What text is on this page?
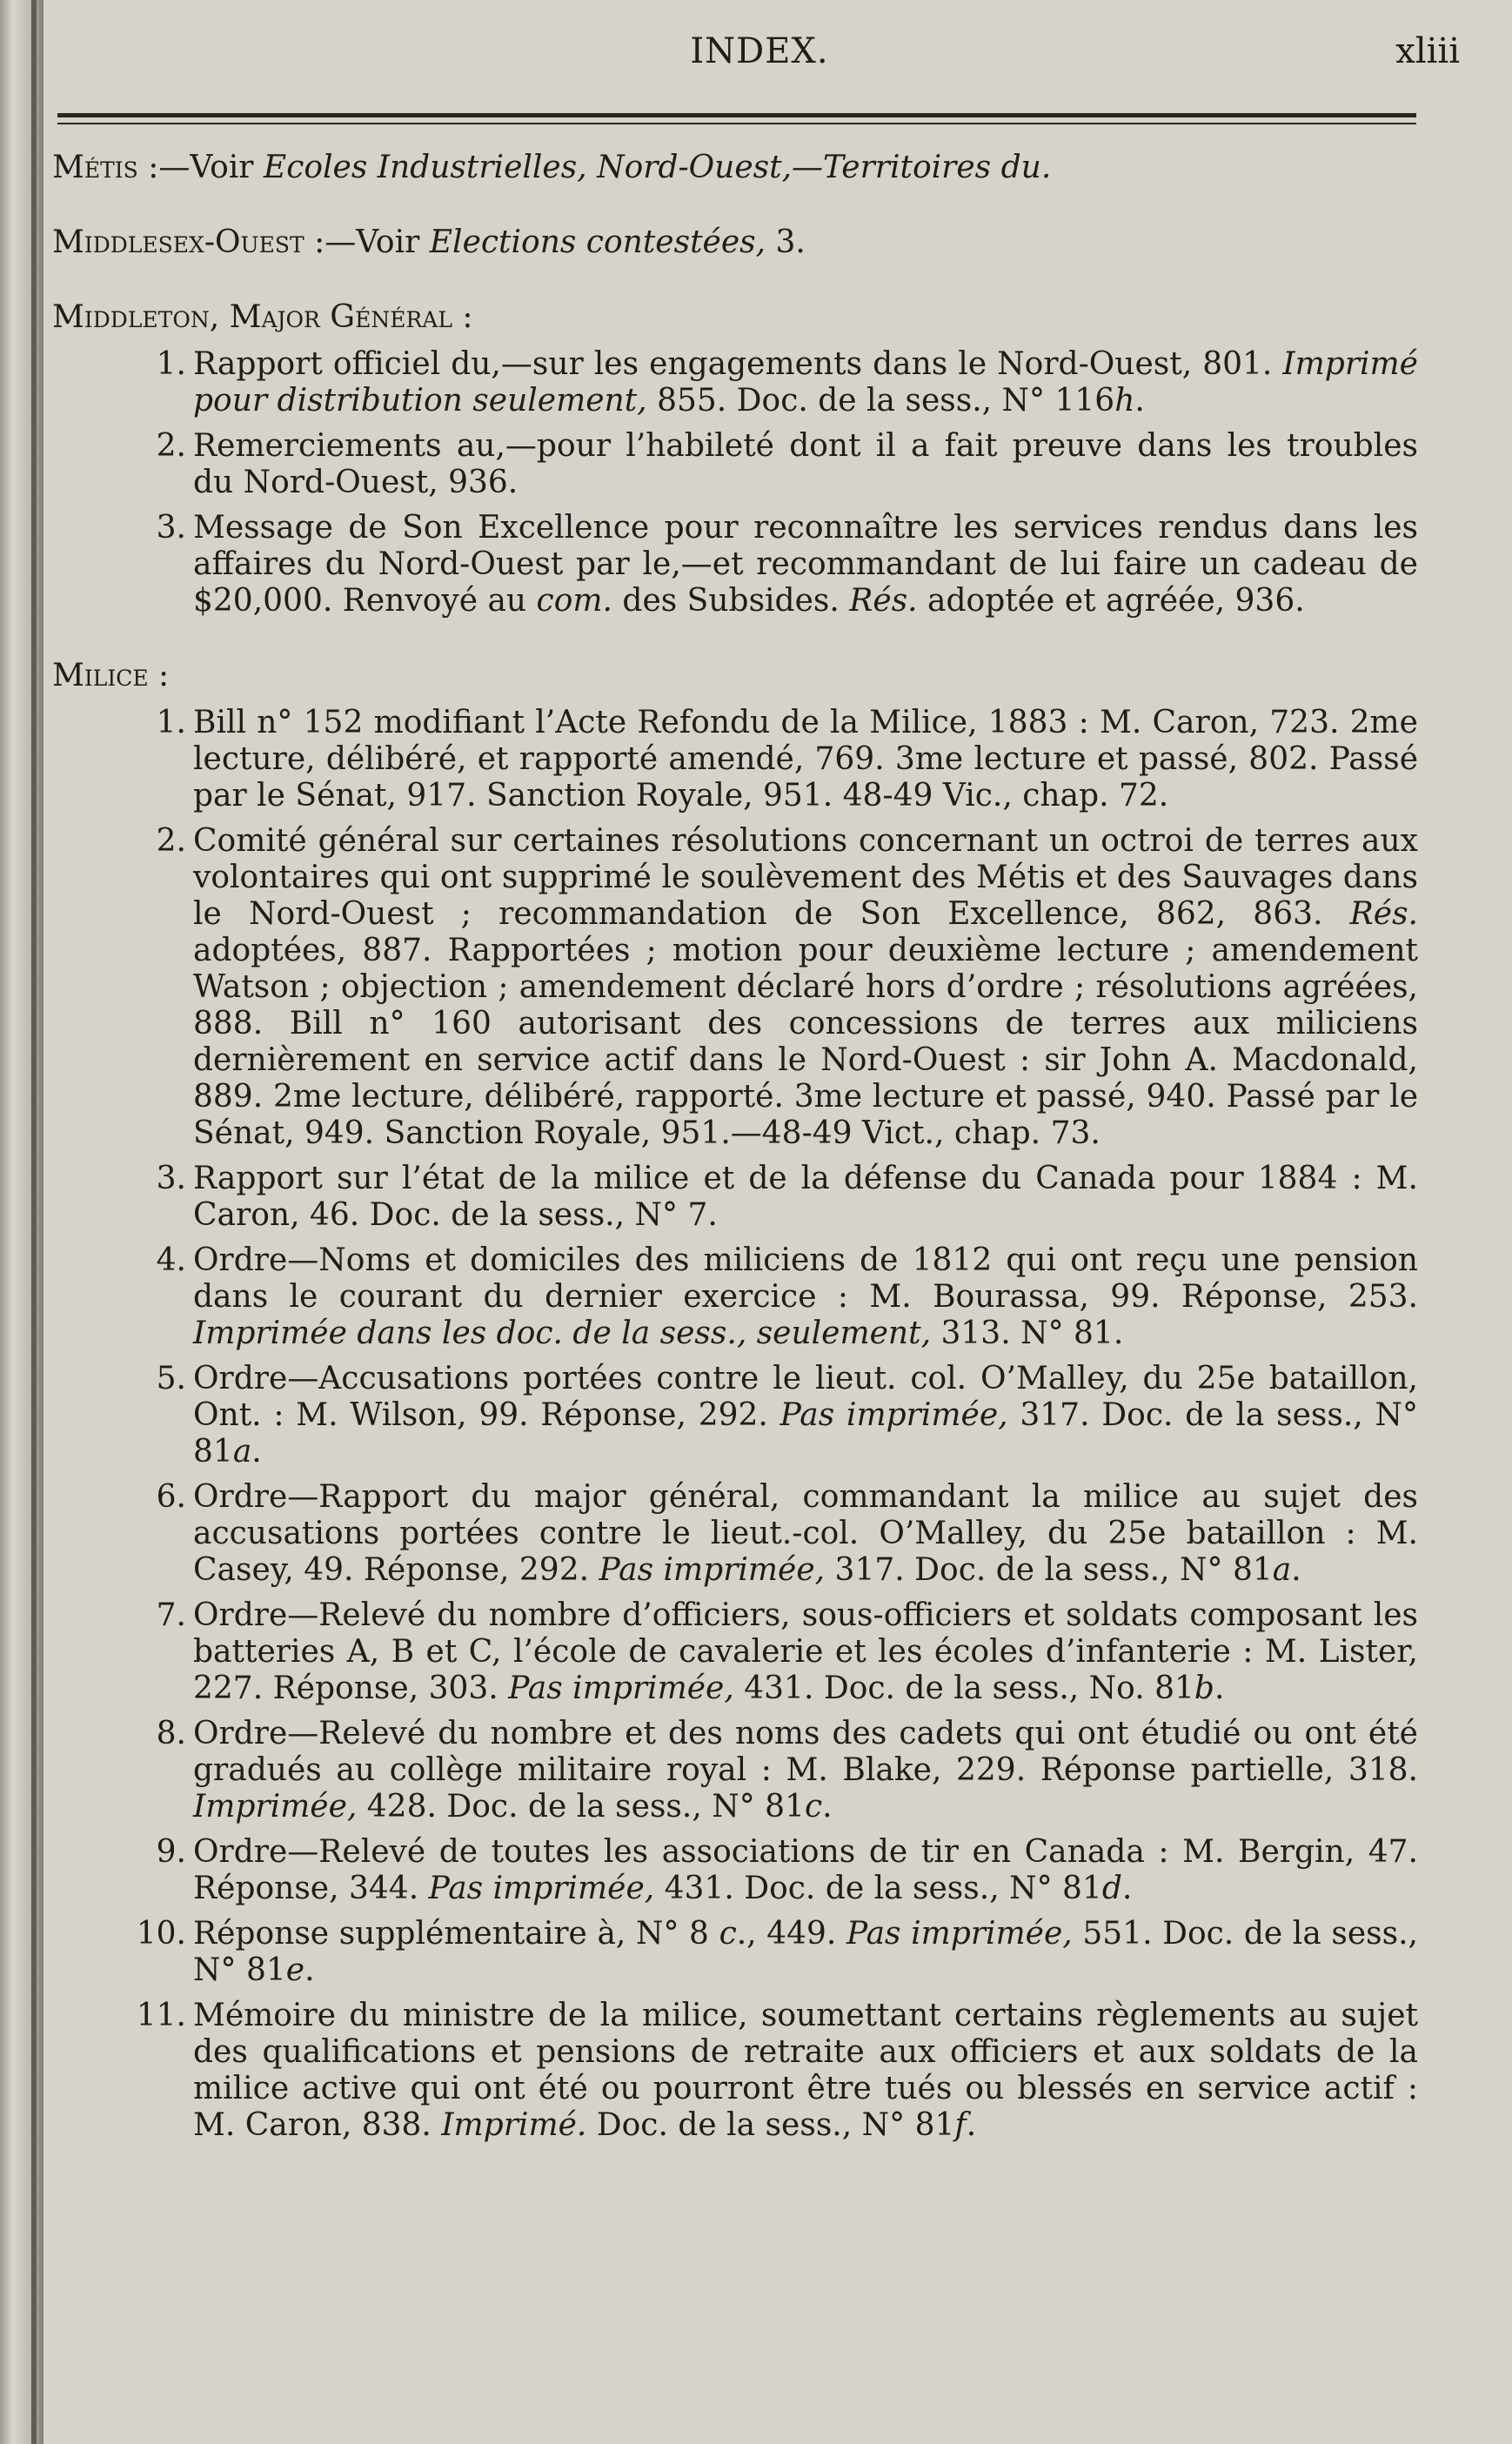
INDEX.	xliii
Métis :—Voir Ecoles Industrielles, Nord-Ouest,—Territoires du.
Middlesex-Ouest :—Voir Elections contestées, 3.
Middleton, Major Général :
1. Rapport officiel du,—sur les engagements dans le Nord-Ouest, 801. Imprimé pour distribution seulement, 855. Doc. de la sess., N° 116h.
2. Remerciements au,—pour l’habileté dont il a fait preuve dans les troubles du Nord-Ouest, 936.
3. Message de Son Excellence pour reconnaître les services rendus dans les affaires du Nord-Ouest par le,—et recommandant de lui faire un cadeau de $20,000. Renvoyé au com. des Subsides. Rés. adoptée et agréée, 936.
Milice :
1. Bill n° 152 modifiant l’Acte Refondu de la Milice, 1883 : M. Caron, 723. 2me lecture, délibéré, et rapporté amendé, 769. 3me lecture et passé, 802. Passé par le Sénat, 917. Sanction Royale, 951. 48-49 Vic., chap. 72.
2. Comité général sur certaines résolutions concernant un octroi de terres aux volontaires qui ont supprimé le soulèvement des Métis et des Sauvages dans le Nord-Ouest ; recommandation de Son Excellence, 862, 863. Rés. adoptées, 887. Rapportées ; motion pour deuxième lecture ; amendement Watson ; objection ; amendement déclaré hors d’ordre ; résolutions agréées, 888. Bill n° 160 autorisant des concessions de terres aux miliciens dernièrement en service actif dans le Nord-Ouest : sir John A. Macdonald, 889. 2me lecture, délibéré, rapporté. 3me lecture et passé, 940. Passé par le Sénat, 949. Sanction Royale, 951.—48-49 Vict., chap. 73.
3. Rapport sur l’état de la milice et de la défense du Canada pour 1884 : M. Caron, 46. Doc. de la sess., N° 7.
4. Ordre—Noms et domiciles des miliciens de 1812 qui ont reçu une pension dans le courant du dernier exercice : M. Bourassa, 99. Réponse, 253. Imprimée dans les doc. de la sess., seulement, 313. N° 81.
5. Ordre—Accusations portées contre le lieut. col. O’Malley, du 25e bataillon, Ont. : M. Wilson, 99. Réponse, 292. Pas imprimée, 317. Doc. de la sess., N° 81a.
6. Ordre—Rapport du major général, commandant la milice au sujet des accusations portées contre le lieut.-col. O’Malley, du 25e bataillon : M. Casey, 49. Réponse, 292. Pas imprimée, 317. Doc. de la sess., N° 81a.
7. Ordre—Relevé du nombre d’officiers, sous-officiers et soldats composant les batteries A, B et C, l’école de cavalerie et les écoles d’infanterie : M. Lister, 227. Réponse, 303. Pas imprimée, 431. Doc. de la sess., No. 81b.
8. Ordre—Relevé du nombre et des noms des cadets qui ont étudié ou ont été gradués au collège militaire royal : M. Blake, 229. Réponse partielle, 318. Imprimée, 428. Doc. de la sess., N° 81c.
9. Ordre—Relevé de toutes les associations de tir en Canada : M. Bergin, 47. Réponse, 344. Pas imprimée, 431. Doc. de la sess., N° 81d.
10. Réponse supplémentaire à, N° 8 c., 449. Pas imprimée, 551. Doc. de la sess., N° 81e.
11. Mémoire du ministre de la milice, soumettant certains règlements au sujet des qualifications et pensions de retraite aux officiers et aux soldats de la milice active qui ont été ou pourront être tués ou blessés en service actif : M. Caron, 838. Imprimé. Doc. de la sess., N° 81f.
